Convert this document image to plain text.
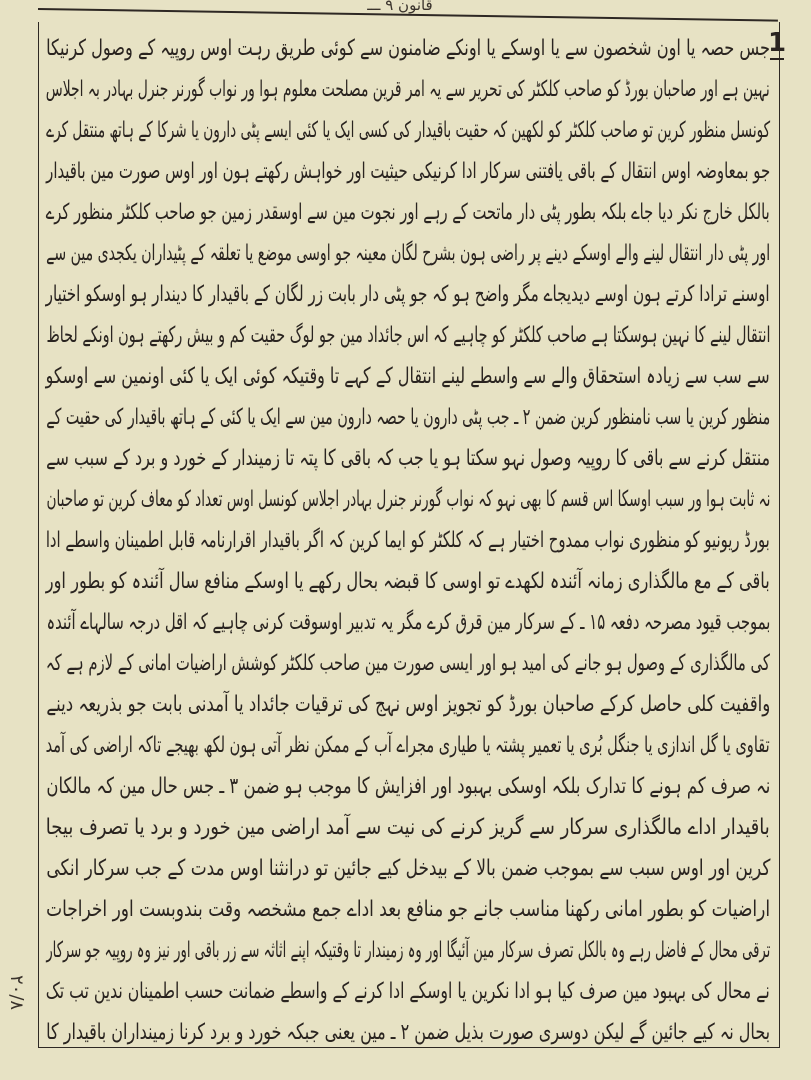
قانون ۹ ـــ
1
۲۰/۸
جس حصہ یا اون شخصون سے یا اوسکے یا اونکے ضامنون سے کوئی طریق رہت اوس روپیہ کے وصول کرنیکا
نہین ہے اور صاحبان بورڈ کو صاحب کلکٹر کی تحریر سے یہ امر قرین مصلحت معلوم ہوا ور نواب گورنر جنرل بہادر بہ اجلاس
کونسل منظور کرین تو صاحب کلکٹر کو لکھین کہ حقیت باقیدار کی کسی ایک یا کئی ایسے پٹی دارون یا شرکا کے ہاتھ منتقل کرے
جو بمعاوضہ اوس انتقال کے باقی یافتنی سرکار ادا کرنیکی حیثیت اور خواہش رکھتے ہون اور اوس صورت مین باقیدار
بالکل خارج نکر دیا جاے بلکہ بطور پٹی دار ماتحت کے رہے اور نجوت مین سے اوسقدر زمین جو صاحب کلکٹر منظور کرے
اور پٹی دار انتقال لینے والے اوسکے دینے پر راضی ہون بشرح لگان معینہ جو اوسی موضع یا تعلقہ کے پٹیداران یکجدی مین سے
اوسنے ترادا کرتے ہون اوسے دیدیجاے مگر واضح ہو کہ جو پٹی دار بابت زر لگان کے باقیدار کا دیندار ہو اوسکو اختیار
انتقال لینے کا نہین ہوسکتا ہے صاحب کلکٹر کو چاہیے کہ اس جائداد مین جو لوگ حقیت کم و بیش رکھتے ہون اونکے لحاظ
سے سب سے زیادہ استحقاق والے سے واسطے لینے انتقال کے کہے تا وقتیکہ کوئی ایک یا کئی اونمین سے اوسکو
منظور کرین یا سب نامنظور کرین ضمن ۲ ـ جب پٹی دارون یا حصہ دارون مین سے ایک یا کئی کے ہاتھ باقیدار کی حقیت کے
منتقل کرنے سے باقی کا روپیہ وصول نہو سکتا ہو یا جب کہ باقی کا پتہ تا زمیندار کے خورد و برد کے سبب سے
نہ ثابت ہوا ور سبب اوسکا اس قسم کا بھی نہو کہ نواب گورنر جنرل بہادر اجلاس کونسل اوس تعداد کو معاف کرین تو صاحبان
بورڈ ریونیو کو منظوری نواب ممدوح اختیار ہے کہ کلکٹر کو ایما کرین کہ اگر باقیدار اقرارنامہ قابل اطمینان واسطے ادا
باقی کے مع مالگذاری زمانہ آئندہ لکھدے تو اوسی کا قبضہ بحال رکھے یا اوسکے منافع سال آئندہ کو بطور اور
بموجب قیود مصرحہ دفعہ ۱۵ ـ کے سرکار مین قرق کرے مگر یہ تدبیر اوسوقت کرنی چاہیے کہ اقل درجہ سالہاے آئندہ
کی مالگذاری کے وصول ہو جانے کی امید ہو اور ایسی صورت مین صاحب کلکٹر کوشش اراضیات امانی کے لازم ہے کہ
واقفیت کلی حاصل کرکے صاحبان بورڈ کو تجویز اوس نہج کی ترقیات جائداد یا آمدنی بابت جو بذریعہ دینے
تقاوی یا گل اندازی یا جنگل بُری یا تعمیر پشتہ یا طیاری مجراے آب کے ممکن نظر آتی ہون لکھ بھیجے تاکہ اراضی کی آمد
نہ صرف کم ہونے کا تدارک بلکہ اوسکی بہبود اور افزایش کا موجب ہو ضمن ۳ ـ جس حال مین کہ مالکان
باقیدار اداے مالگذاری سرکار سے گریز کرنے کی نیت سے آمد اراضی مین خورد و برد یا تصرف بیجا
کرین اور اوس سبب سے بموجب ضمن بالا کے بیدخل کیے جائین تو درانثنا اوس مدت کے جب سرکار انکی
اراضیات کو بطور امانی رکھنا مناسب جانے جو منافع بعد اداے جمع مشخصہ وقت بندوبست اور اخراجات
ترقی محال کے فاضل رہے وہ بالکل تصرف سرکار مین آئیگا اور وہ زمیندار تا وقتیکہ اپنے اثاثہ سے زر باقی اور نیز وہ روپیہ جو سرکار
نے محال کی بہبود مین صرف کیا ہو ادا نکرین یا اوسکے ادا کرنے کے واسطے ضمانت حسب اطمینان ندین تب تک
بحال نہ کیے جائین گے لیکن دوسری صورت بذیل ضمن ۲ ـ مین یعنی جبکہ خورد و برد کرنا زمینداران باقیدار کا
